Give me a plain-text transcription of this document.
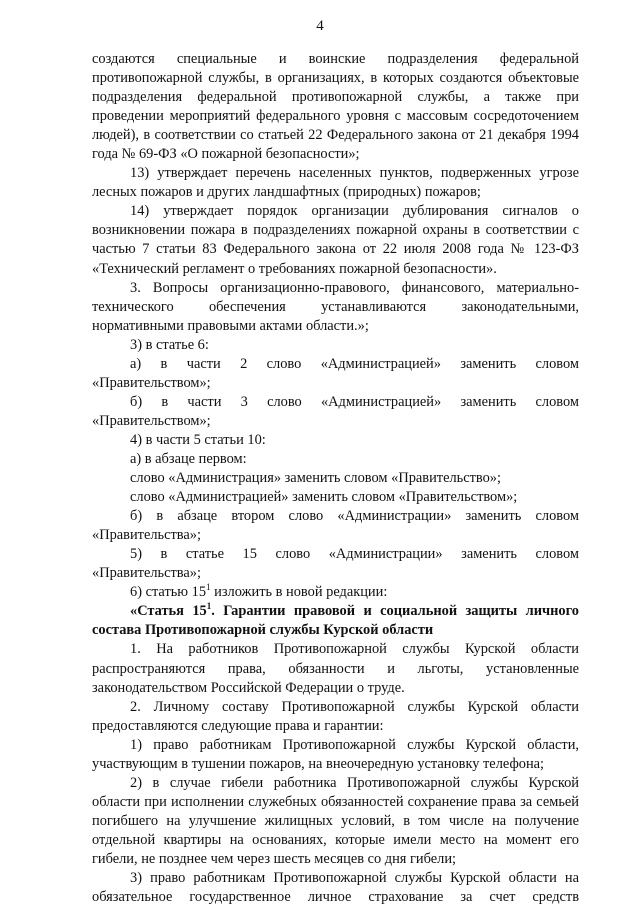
4

создаются специальные и воинские подразделения федеральной противопожарной службы, в организациях, в которых создаются объектовые подразделения федеральной противопожарной службы, а также при проведении мероприятий федерального уровня с массовым сосредоточением людей), в соответствии со статьей 22 Федерального закона от 21 декабря 1994 года № 69-ФЗ «О пожарной безопасности»;

13) утверждает перечень населенных пунктов, подверженных угрозе лесных пожаров и других ландшафтных (природных) пожаров;

14) утверждает порядок организации дублирования сигналов о возникновении пожара в подразделениях пожарной охраны в соответствии с частью 7 статьи 83 Федерального закона от 22 июля 2008 года № 123-ФЗ «Технический регламент о требованиях пожарной безопасности».

3. Вопросы организационно-правового, финансового, материально-технического обеспечения устанавливаются законодательными, нормативными правовыми актами области.»;

3) в статье 6:

а) в части 2 слово «Администрацией» заменить словом «Правительством»;

б) в части 3 слово «Администрацией» заменить словом «Правительством»;

4) в части 5 статьи 10:

а) в абзаце первом:

слово «Администрация» заменить словом «Правительство»;

слово «Администрацией» заменить словом «Правительством»;

б) в абзаце втором слово «Администрации» заменить словом «Правительства»;

5) в статье 15 слово «Администрации» заменить словом «Правительства»;

6) статью $15^1$ изложить в новой редакции:

«Статья $15^1$. Гарантии правовой и социальной защиты личного состава Противопожарной службы Курской области

1. На работников Противопожарной службы Курской области распространяются права, обязанности и льготы, установленные законодательством Российской Федерации о труде.

2. Личному составу Противопожарной службы Курской области предоставляются следующие права и гарантии:

1) право работникам Противопожарной службы Курской области, участвующим в тушении пожаров, на внеочередную установку телефона;

2) в случае гибели работника Противопожарной службы Курской области при исполнении служебных обязанностей сохранение права за семьей погибшего на улучшение жилищных условий, в том числе на получение отдельной квартиры на основаниях, которые имели место на момент его гибели, не позднее чем через шесть месяцев со дня гибели;

3) право работникам Противопожарной службы Курской области на обязательное государственное личное страхование за счет средств
